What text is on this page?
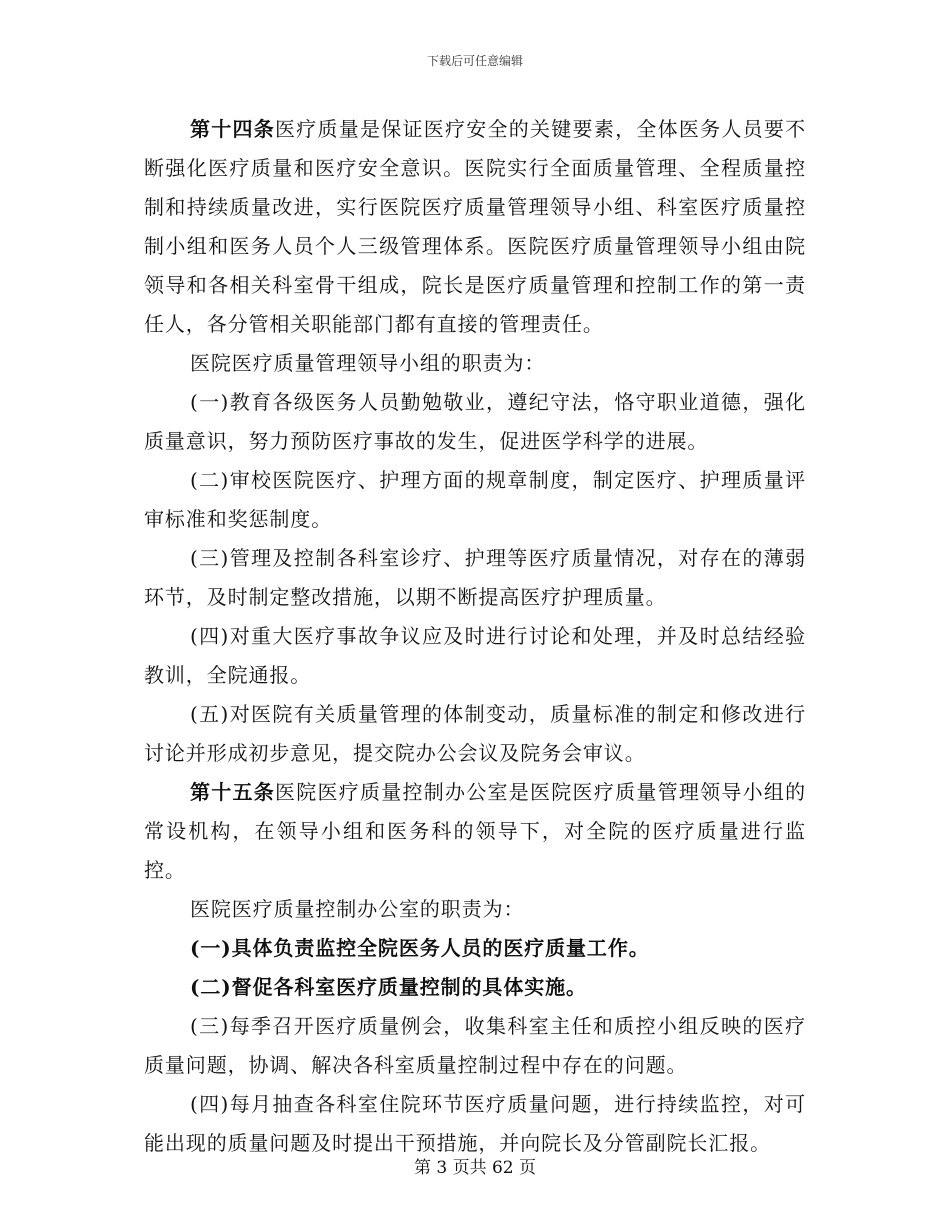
下载后可任意编辑

第十四条医疗质量是保证医疗安全的关键要素，全体医务人员要不断强化医疗质量和医疗安全意识。医院实行全面质量管理、全程质量控制和持续质量改进，实行医院医疗质量管理领导小组、科室医疗质量控制小组和医务人员个人三级管理体系。医院医疗质量管理领导小组由院领导和各相关科室骨干组成，院长是医疗质量管理和控制工作的第一责任人，各分管相关职能部门都有直接的管理责任。

医院医疗质量管理领导小组的职责为：

(一)教育各级医务人员勤勉敬业，遵纪守法，恪守职业道德，强化质量意识，努力预防医疗事故的发生，促进医学科学的进展。

(二)审校医院医疗、护理方面的规章制度，制定医疗、护理质量评审标准和奖惩制度。

(三)管理及控制各科室诊疗、护理等医疗质量情况，对存在的薄弱环节，及时制定整改措施，以期不断提高医疗护理质量。

(四)对重大医疗事故争议应及时进行讨论和处理，并及时总结经验教训，全院通报。

(五)对医院有关质量管理的体制变动，质量标准的制定和修改进行讨论并形成初步意见，提交院办公会议及院务会审议。

第十五条医院医疗质量控制办公室是医院医疗质量管理领导小组的常设机构，在领导小组和医务科的领导下，对全院的医疗质量进行监控。

医院医疗质量控制办公室的职责为：

(一)具体负责监控全院医务人员的医疗质量工作。

(二)督促各科室医疗质量控制的具体实施。

(三)每季召开医疗质量例会，收集科室主任和质控小组反映的医疗质量问题，协调、解决各科室质量控制过程中存在的问题。

(四)每月抽查各科室住院环节医疗质量问题，进行持续监控，对可能出现的质量问题及时提出干预措施，并向院长及分管副院长汇报。

第 3 页共 62 页
